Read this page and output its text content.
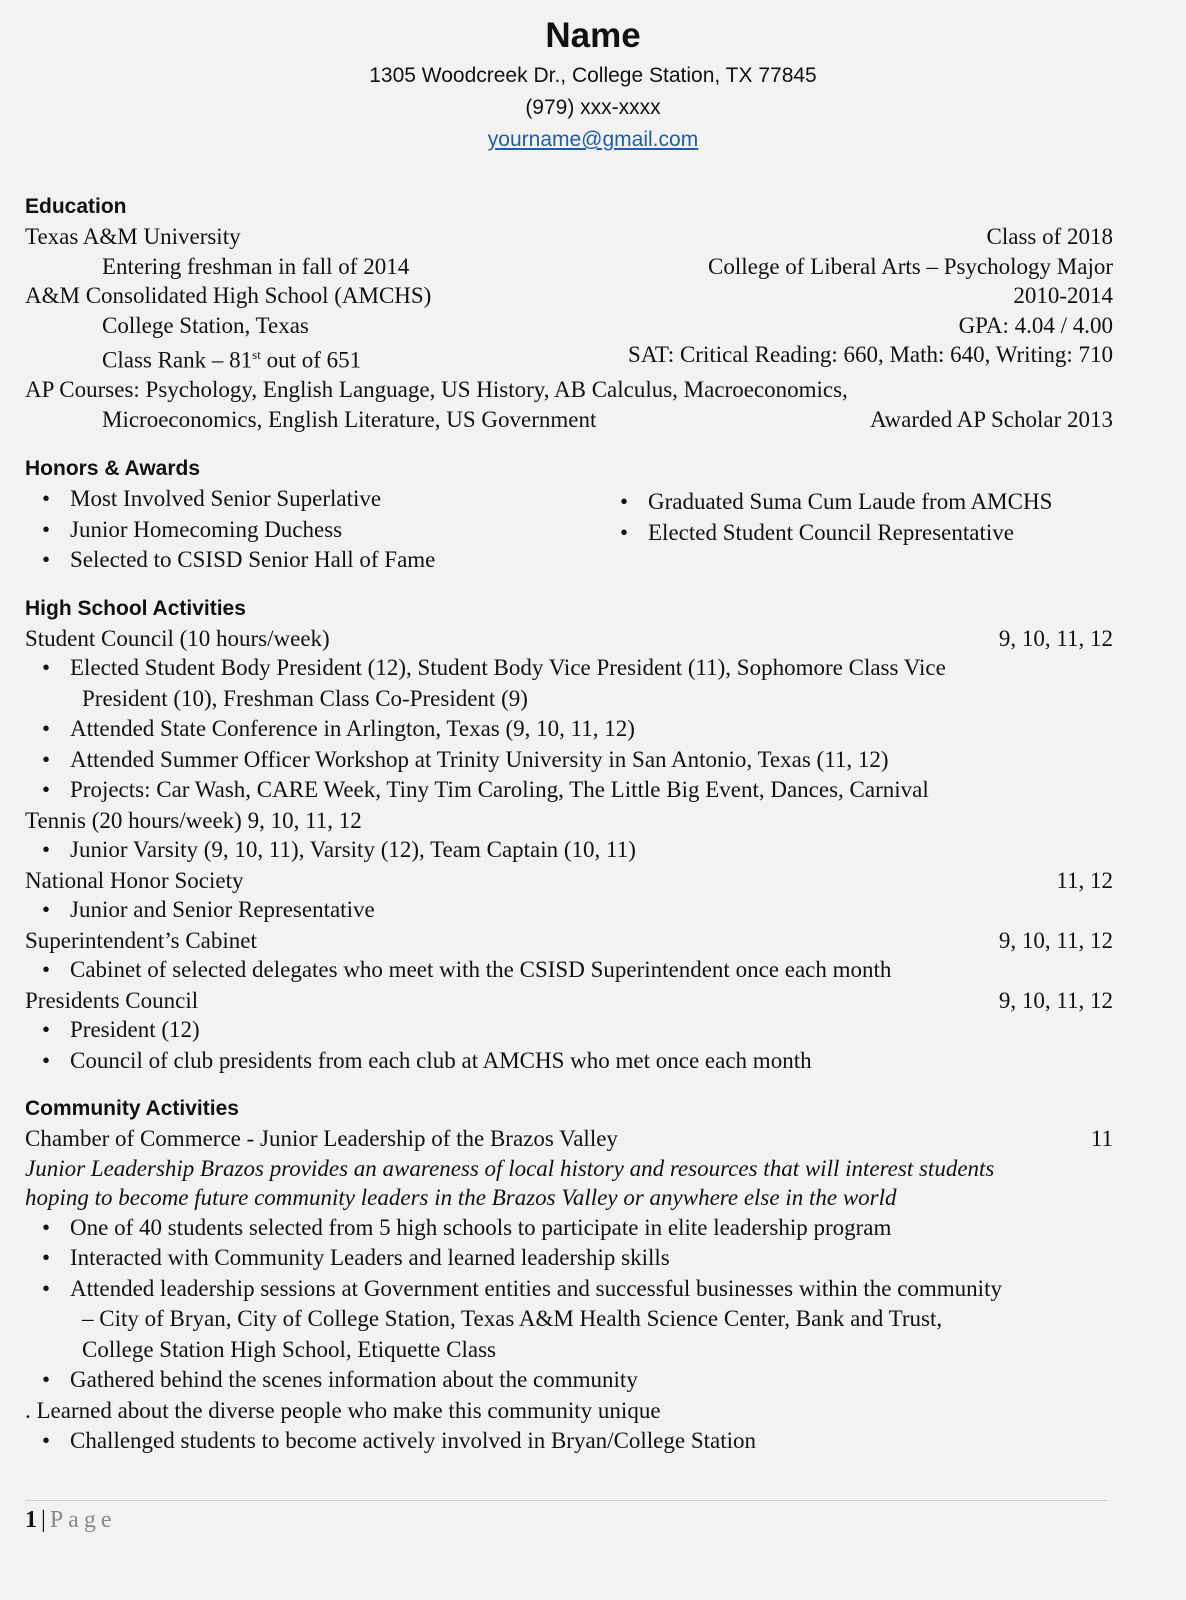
Name
1305 Woodcreek Dr., College Station, TX 77845
(979) xxx-xxxx
yourname@gmail.com
Education
Texas A&M University	Class of 2018
Entering freshman in fall of 2014	College of Liberal Arts – Psychology Major
A&M Consolidated High School (AMCHS)	2010-2014
College Station, Texas	GPA: 4.04 / 4.00
Class Rank – 81st out of 651	SAT: Critical Reading: 660, Math: 640, Writing: 710
AP Courses: Psychology, English Language, US History, AB Calculus, Macroeconomics,
Microeconomics, English Literature, US Government	Awarded AP Scholar 2013
Honors & Awards
• Most Involved Senior Superlative
• Junior Homecoming Duchess
• Selected to CSISD Senior Hall of Fame
• Graduated Suma Cum Laude from AMCHS
• Elected Student Council Representative
High School Activities
Student Council (10 hours/week)	9, 10, 11, 12
• Elected Student Body President (12), Student Body Vice President (11), Sophomore Class Vice
President (10), Freshman Class Co-President (9)
• Attended State Conference in Arlington, Texas (9, 10, 11, 12)
• Attended Summer Officer Workshop at Trinity University in San Antonio, Texas (11, 12)
• Projects: Car Wash, CARE Week, Tiny Tim Caroling, The Little Big Event, Dances, Carnival
Tennis (20 hours/week) 9, 10, 11, 12
• Junior Varsity (9, 10, 11), Varsity (12), Team Captain (10, 11)
National Honor Society	11, 12
• Junior and Senior Representative
Superintendent’s Cabinet	9, 10, 11, 12
• Cabinet of selected delegates who meet with the CSISD Superintendent once each month
Presidents Council	9, 10, 11, 12
• President (12)
• Council of club presidents from each club at AMCHS who met once each month
Community Activities
Chamber of Commerce - Junior Leadership of the Brazos Valley	11
Junior Leadership Brazos provides an awareness of local history and resources that will interest students
hoping to become future community leaders in the Brazos Valley or anywhere else in the world
• One of 40 students selected from 5 high schools to participate in elite leadership program
• Interacted with Community Leaders and learned leadership skills
• Attended leadership sessions at Government entities and successful businesses within the community
– City of Bryan, City of College Station, Texas A&M Health Science Center, Bank and Trust,
College Station High School, Etiquette Class
• Gathered behind the scenes information about the community
. Learned about the diverse people who make this community unique
• Challenged students to become actively involved in Bryan/College Station
1 | Page
